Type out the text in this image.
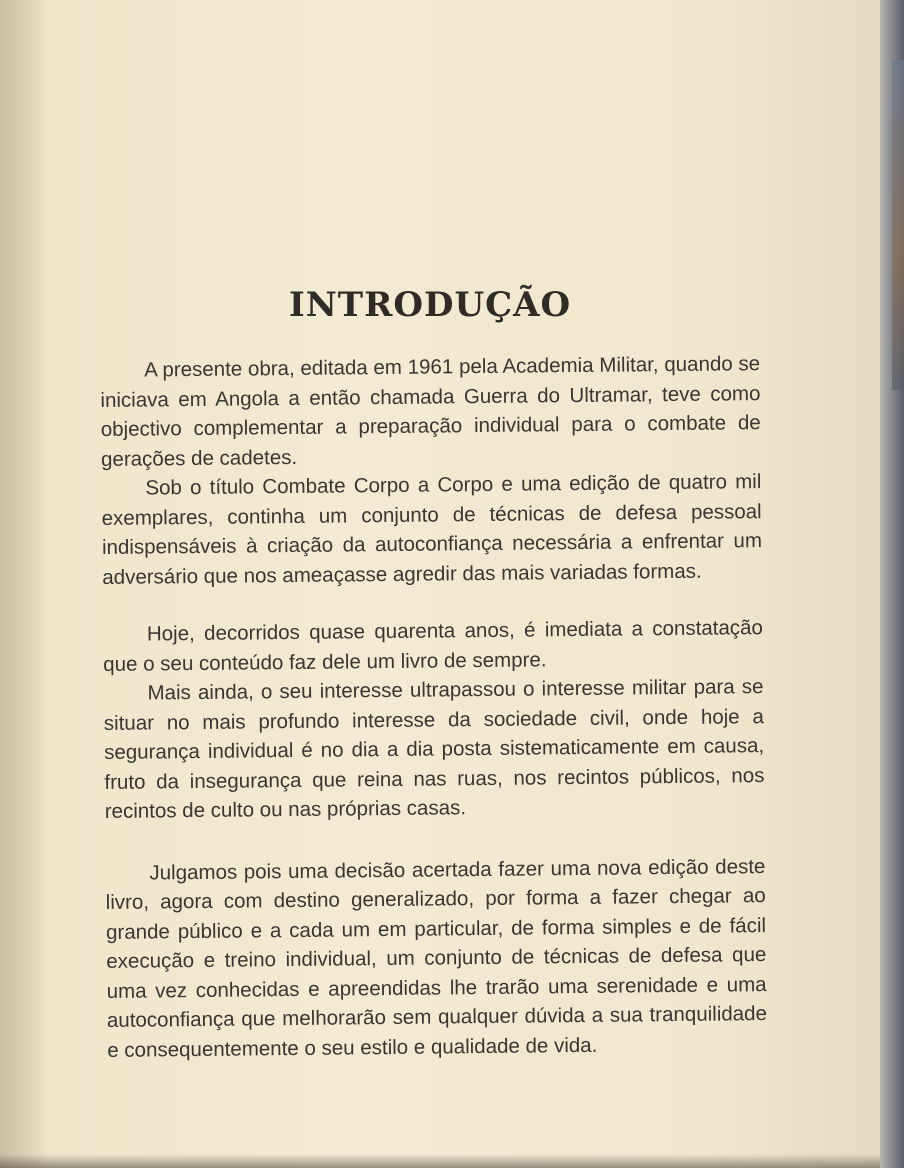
INTRODUÇÃO

A presente obra, editada em 1961 pela Academia Militar, quando se iniciava em Angola a então chamada Guerra do Ultramar, teve como objectivo complementar a preparação individual para o combate de gerações de cadetes.

Sob o título Combate Corpo a Corpo e uma edição de quatro mil exemplares, continha um conjunto de técnicas de defesa pessoal indispensáveis à criação da autoconfiança necessária a enfrentar um adversário que nos ameaçasse agredir das mais variadas formas.

Hoje, decorridos quase quarenta anos, é imediata a constatação que o seu conteúdo faz dele um livro de sempre.

Mais ainda, o seu interesse ultrapassou o interesse militar para se situar no mais profundo interesse da sociedade civil, onde hoje a segurança individual é no dia a dia posta sistematicamente em causa, fruto da insegurança que reina nas ruas, nos recintos públicos, nos recintos de culto ou nas próprias casas.

Julgamos pois uma decisão acertada fazer uma nova edição deste livro, agora com destino generalizado, por forma a fazer chegar ao grande público e a cada um em particular, de forma simples e de fácil execução e treino individual, um conjunto de técnicas de defesa que uma vez conhecidas e apreendidas lhe trarão uma serenidade e uma autoconfiança que melhorarão sem qualquer dúvida a sua tranquilidade e consequentemente o seu estilo e qualidade de vida.
